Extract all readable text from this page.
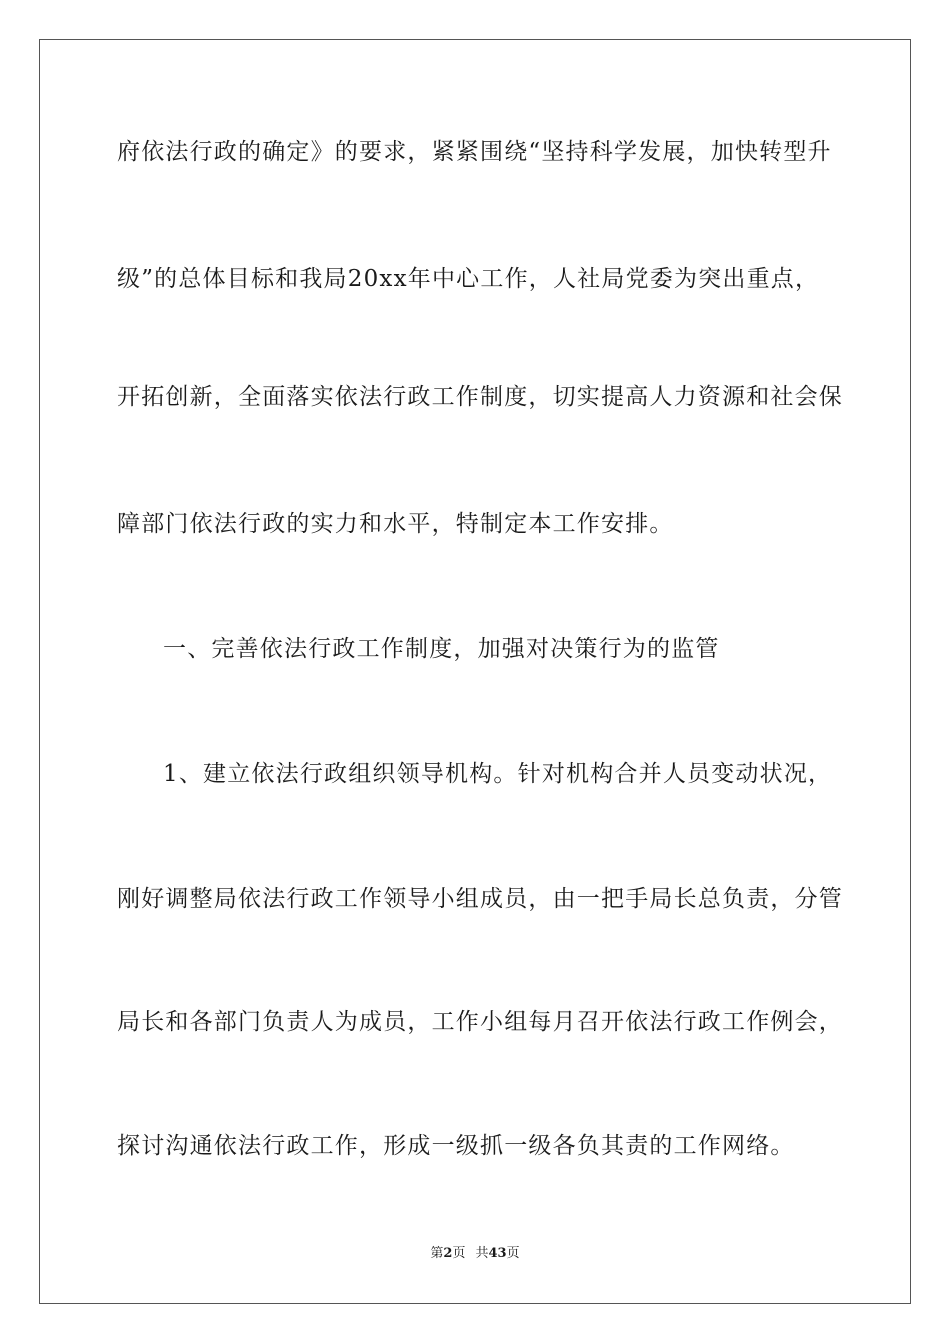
府依法行政的确定》的要求，紧紧围绕“坚持科学发展，加快转型升
级”的总体目标和我局20xx年中心工作，人社局党委为突出重点，
开拓创新，全面落实依法行政工作制度，切实提高人力资源和社会保
障部门依法行政的实力和水平，特制定本工作安排。
一、完善依法行政工作制度，加强对决策行为的监管
1、建立依法行政组织领导机构。针对机构合并人员变动状况，
刚好调整局依法行政工作领导小组成员，由一把手局长总负责，分管
局长和各部门负责人为成员，工作小组每月召开依法行政工作例会，
探讨沟通依法行政工作，形成一级抓一级各负其责的工作网络。
第2页 共43页
